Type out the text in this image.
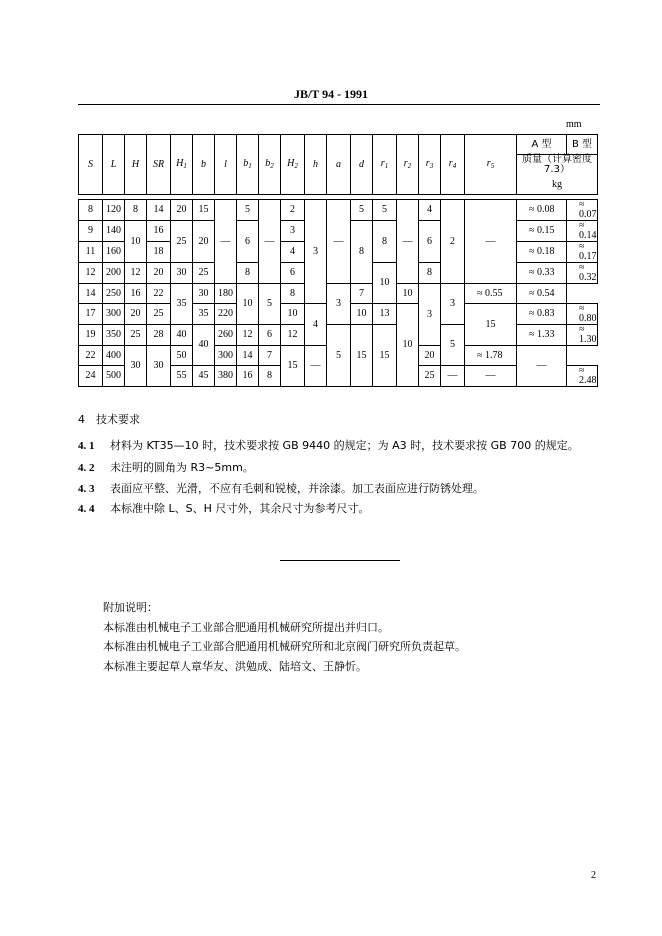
JB/T 94 - 1991
mm
S	L	H	SR	$H_1$	b	l	$b_1$	$b_2$	$H_2$	h	a	d	$r_1$	$r_2$	$r_3$	$r_4$	$r_5$	A 型	B 型
																		质量（计算密度 7.3）	
																		kg	

8	120	8	14	20	15	—	5	—	2	3	—	5	5	—	4	2	—	≈ 0.08	≈ 0.07
9	140	10	16	25	20		6		3			8	8		6			≈ 0.15	≈ 0.14
11	160		18						4									≈ 0.18	≈ 0.17
12	200	12	20	30	25		8		6				10		8			≈ 0.33	≈ 0.32
14	250	16	22	35	30	180	10	5	8		3	7		10	3	3	≈ 0.55	≈ 0.54	
17	300	20	25		35	220			10	4		10	13	10			15	≈ 0.83	≈ 0.80
19	350	25	28	40	40	260	12	6	12		5	15	15			5		≈ 1.33	≈ 1.30
22	400	30	30	50		300	14	7	15	—					20		≈ 1.78	—	
24	500			55	45	380	16	8							25	—	—		≈ 2.48
4　技术要求
4. 1 材料为 KT35—10 时，技术要求按 GB 9440 的规定；为 A3 时，技术要求按 GB 700 的规定。
4. 2 未注明的圆角为 R3~5mm。
4. 3 表面应平整、光滑，不应有毛刺和锐棱，并涂漆。加工表面应进行防锈处理。
4. 4 本标准中除 L、S、H 尺寸外，其余尺寸为参考尺寸。
附加说明：
本标准由机械电子工业部合肥通用机械研究所提出并归口。
本标准由机械电子工业部合肥通用机械研究所和北京阀门研究所负责起草。
本标准主要起草人章华友、洪勉成、陆培文、王静忻。
2
